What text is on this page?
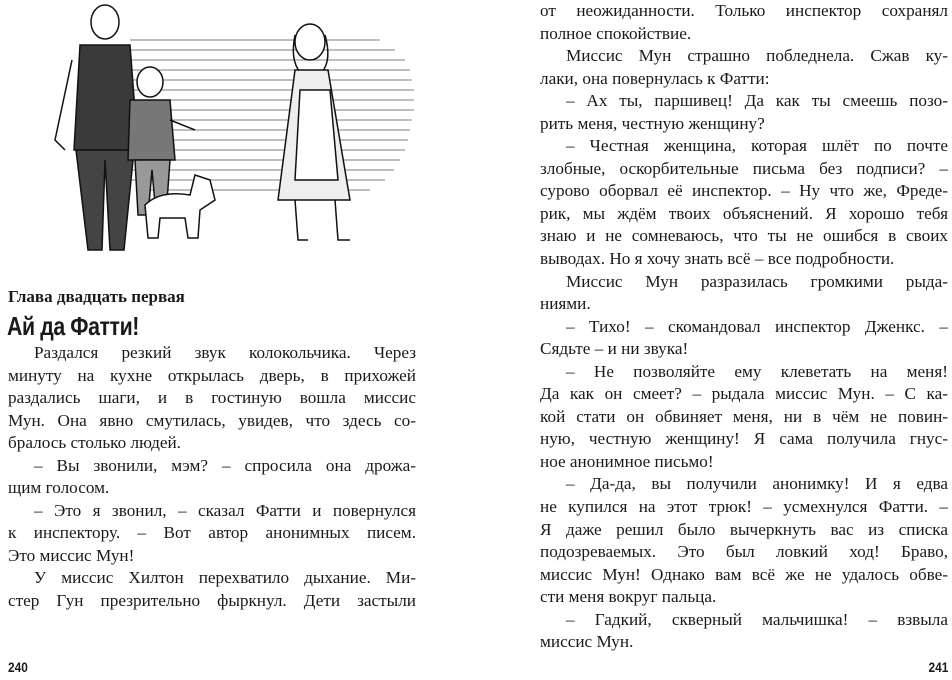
Глава двадцать первая
Ай да Фатти!
Раздался резкий звук колокольчика. Через
минуту на кухне открылась дверь, в прихожей
раздались шаги, и в гостиную вошла миссис
Мун. Она явно смутилась, увидев, что здесь со-
бралось столько людей.
– Вы звонили, мэм? – спросила она дрожа-
щим голосом.
– Это я звонил, – сказал Фатти и повернулся
к инспектору. – Вот автор анонимных писем.
Это миссис Мун!
У миссис Хилтон перехватило дыхание. Ми-
стер Гун презрительно фыркнул. Дети застыли
240
от неожиданности. Только инспектор сохранял
полное спокойствие.
Миссис Мун страшно побледнела. Сжав ку-
лаки, она повернулась к Фатти:
– Ах ты, паршивец! Да как ты смеешь позо-
рить меня, честную женщину?
– Честная женщина, которая шлёт по почте
злобные, оскорбительные письма без подписи? –
сурово оборвал её инспектор. – Ну что же, Фреде-
рик, мы ждём твоих объяснений. Я хорошо тебя
знаю и не сомневаюсь, что ты не ошибся в своих
выводах. Но я хочу знать всё – все подробности.
Миссис Мун разразилась громкими рыда-
ниями.
– Тихо! – скомандовал инспектор Дженкс. –
Сядьте – и ни звука!
– Не позволяйте ему клеветать на меня!
Да как он смеет? – рыдала миссис Мун. – С ка-
кой стати он обвиняет меня, ни в чём не повин-
ную, честную женщину! Я сама получила гнус-
ное анонимное письмо!
– Да-да, вы получили анонимку! И я едва
не купился на этот трюк! – усмехнулся Фатти. –
Я даже решил было вычеркнуть вас из списка
подозреваемых. Это был ловкий ход! Браво,
миссис Мун! Однако вам всё же не удалось обве-
сти меня вокруг пальца.
– Гадкий, скверный мальчишка! – взвыла
миссис Мун.
241
